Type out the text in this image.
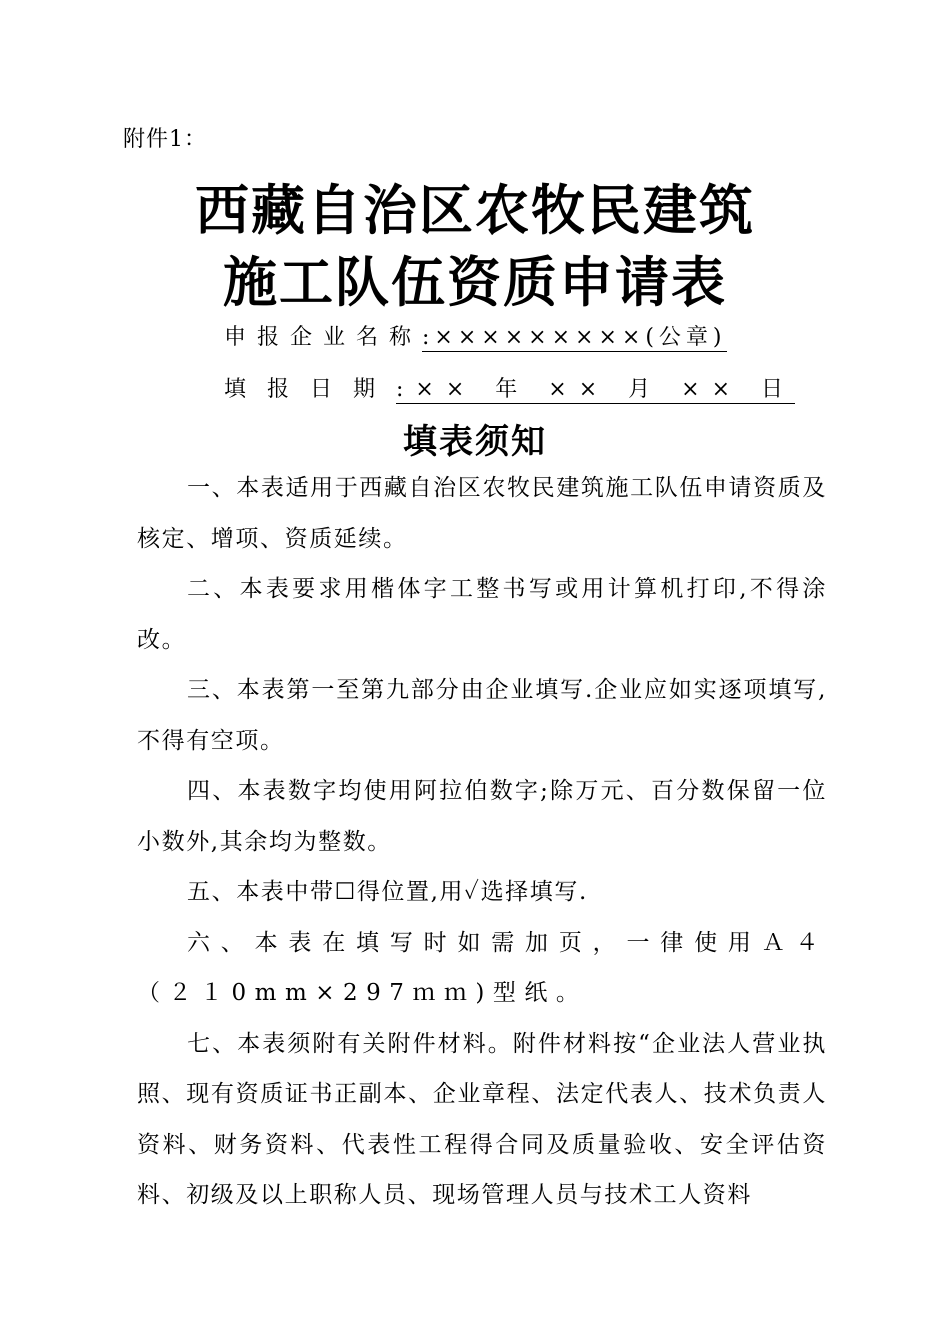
附件1：
西藏自治区农牧民建筑
施工队伍资质申请表
申报企业名称:×××××××××(公章)
填报日期:×× 年 ×× 月 ×× 日
填表须知

一、本表适用于西藏自治区农牧民建筑施工队伍申请资质及核定、增项、资质延续。

二、本表要求用楷体字工整书写或用计算机打印,不得涂改。

三、本表第一至第九部分由企业填写.企业应如实逐项填写,不得有空项。

四、本表数字均使用阿拉伯数字;除万元、百分数保留一位小数外,其余均为整数。

五、本表中带☐得位置,用✓选择填写.

六、本表在填写时如需加页，一律使用Ａ４（２１0mm×297ｍｍ)型纸。

七、本表须附有关附件材料。附件材料按“企业法人营业执照、现有资质证书正副本、企业章程、法定代表人、技术负责人资料、财务资料、代表性工程得合同及质量验收、安全评估资料、初级及以上职称人员、现场管理人员与技术工人资料
